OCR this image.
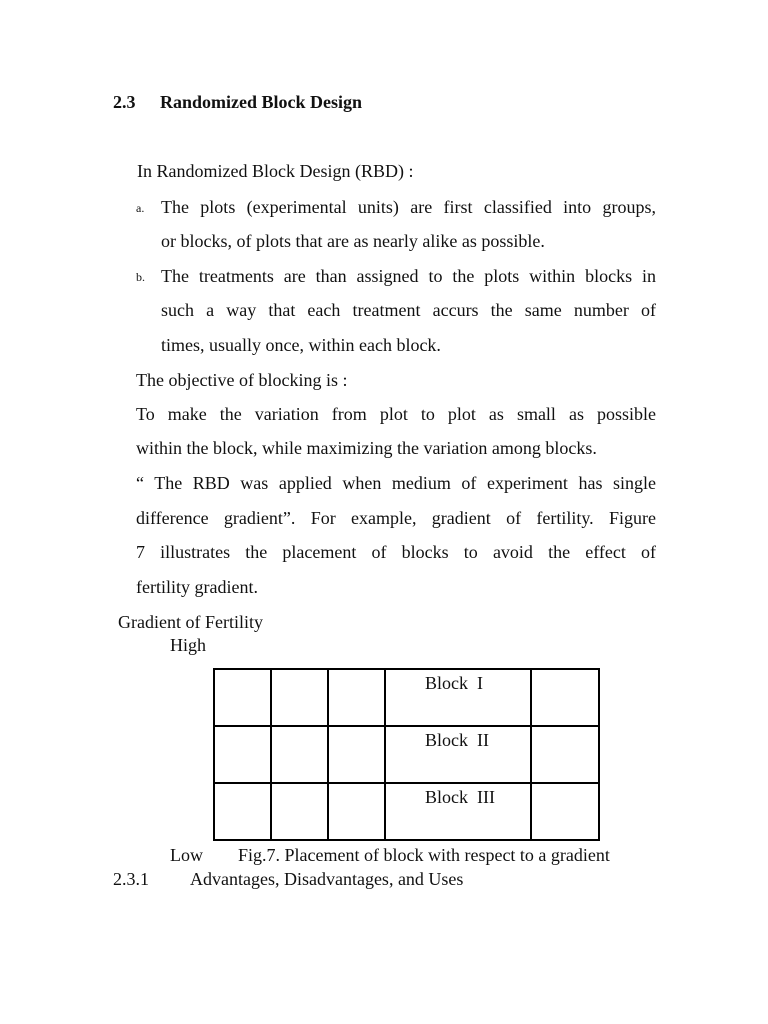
2.3 Randomized Block Design
In Randomized Block Design (RBD) :
a. The plots (experimental units) are first classified into groups,
or blocks, of plots that are as nearly alike as possible.
b. The treatments are than assigned to the plots within blocks in
such a way that each treatment accurs the same number of
times, usually once, within each block.
The objective of blocking is :
To make the variation from plot to plot as small as possible
within the block, while maximizing the variation among blocks.
“ The RBD was applied when medium of experiment has single
difference gradient”. For example, gradient of fertility. Figure
7 illustrates the placement of blocks to avoid the effect of
fertility gradient.
Gradient of Fertility
High

			Block  I	

			Block  II	

			Block  III	

Low Fig.7. Placement of block with respect to a gradient
2.3.1 Advantages, Disadvantages, and Uses
